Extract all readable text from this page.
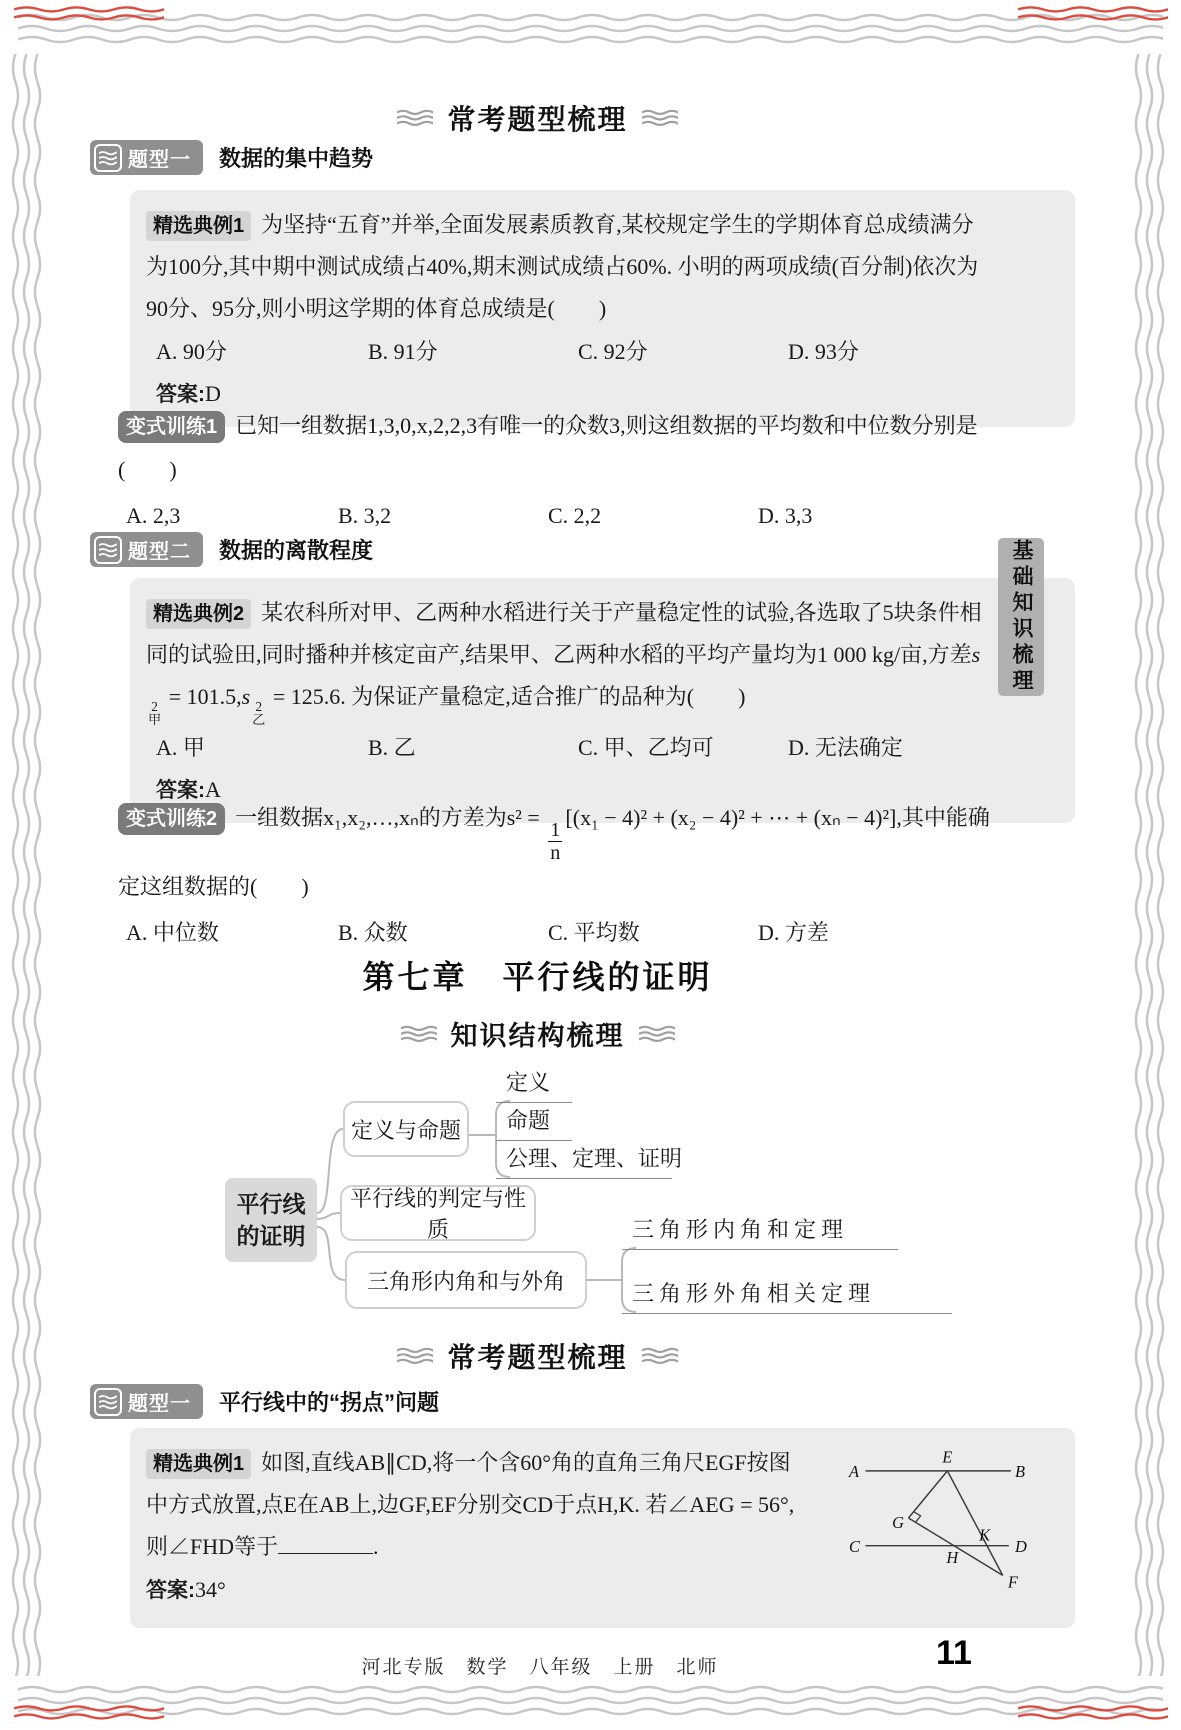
常考题型梳理
题型一 数据的集中趋势

精选典例1 为坚持“五育”并举,全面发展素质教育,某校规定学生的学期体育总成绩满分为100分,其中期中测试成绩占40%,期末测试成绩占60%. 小明的两项成绩(百分制)依次为90分、95分,则小明这学期的体育总成绩是(　　)

A. 90分	B. 91分	C. 92分	D. 93分
答案:D

变式训练1 已知一组数据1,3,0,x,2,2,3有唯一的众数3,则这组数据的平均数和中位数分别是(　　)

A. 2,3	B. 3,2	C. 2,2	D. 3,3
题型二 数据的离散程度

精选典例2 某农科所对甲、乙两种水稻进行关于产量稳定性的试验,各选取了5块条件相同的试验田,同时播种并核定亩产,结果甲、乙两种水稻的平均产量均为1 000 kg/亩,方差s
2
甲
= 101.5,s 2
乙
= 125.6. 为保证产量稳定,适合推广的品种为(　　)

A. 甲	B. 乙	C. 甲、乙均可	D. 无法确定
答案:A

变式训练2 一组数据x₁,x₂,…,xₙ的方差为s² =
$\frac{1}{n}$
[(x₁ − 4)² + (x₂ − 4)² + ⋯ + (xₙ − 4)²],其中能确定这组数据的(　　)

A. 中位数	B. 众数	C. 平均数	D. 方差
第七章　平行线的证明
知识结构梳理
平行线
的证明
定义与命题
平行线的判定与性质
三角形内角和与外角
定义
命题
公理、定理、证明
三角形内角和定理
三角形外角相关定理
常考题型梳理
题型一 平行线中的“拐点”问题

精选典例1 如图,直线AB∥CD,将一个含60°角的直角三角尺EGF按图中方式放置,点E在AB上,边GF,EF分别交CD于点H,K. 若∠AEG = 56°,则∠FHD等于	.

答案:34°
A	B
E
G
C	D
K
H
F
河北专版　数学　八年级　上册　北师	11
基础知识梳理
